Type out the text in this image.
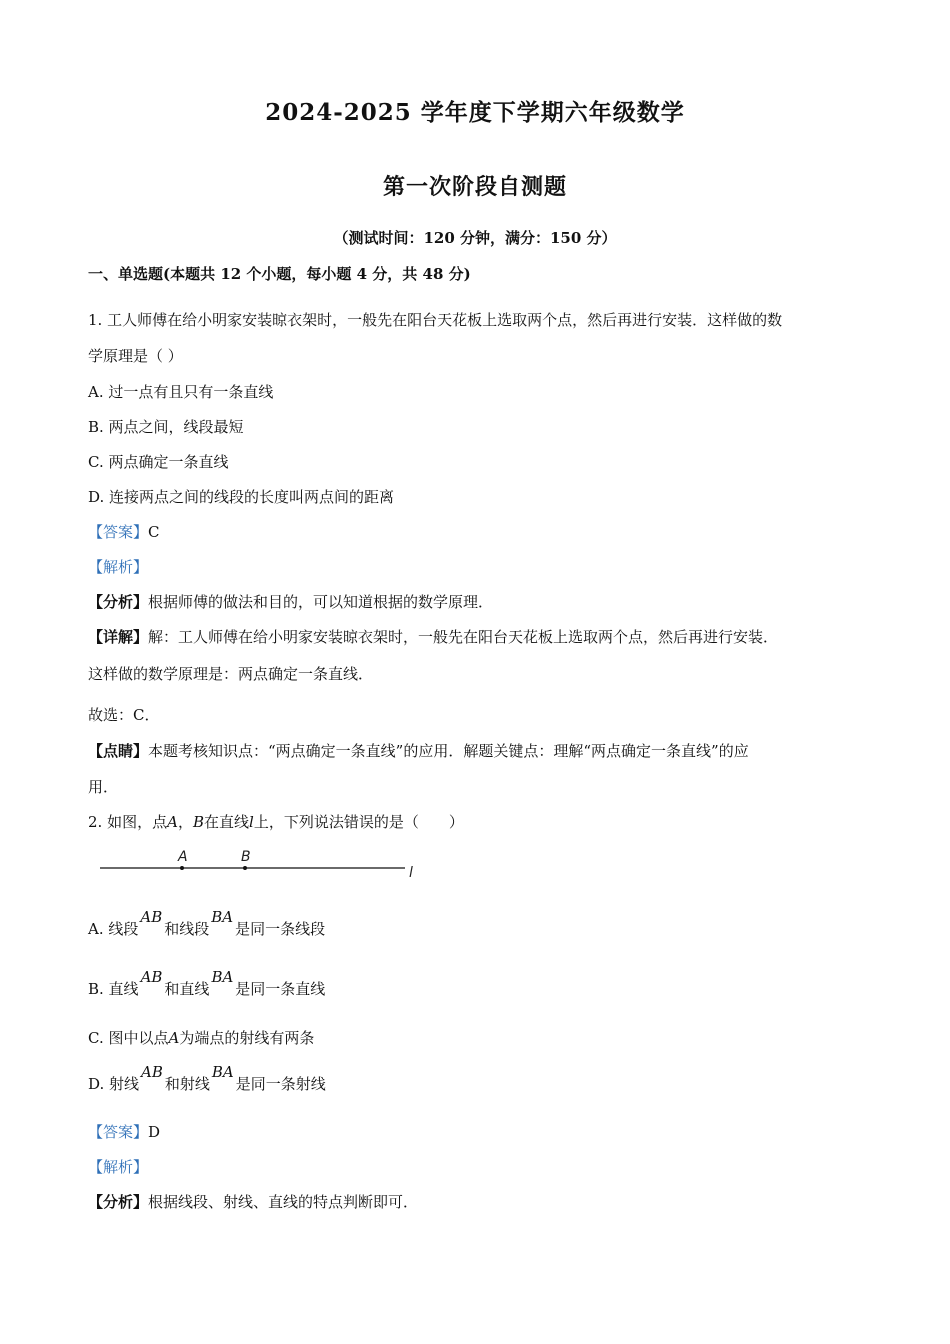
2024-2025 学年度下学期六年级数学
第一次阶段自测题
（测试时间：120 分钟，满分：150 分）
一、单选题(本题共 12 个小题，每小题 4 分，共 48 分)
1. 工人师傅在给小明家安装晾衣架时，一般先在阳台天花板上选取两个点，然后再进行安装．这样做的数
学原理是（ ）
A. 过一点有且只有一条直线
B. 两点之间，线段最短
C. 两点确定一条直线
D. 连接两点之间的线段的长度叫两点间的距离
【答案】C
【解析】
【分析】根据师傅的做法和目的，可以知道根据的数学原理．
【详解】解：工人师傅在给小明家安装晾衣架时，一般先在阳台天花板上选取两个点，然后再进行安装．
这样做的数学原理是：两点确定一条直线．
故选：C．
【点睛】本题考核知识点：“两点确定一条直线”的应用．解题关键点：理解“两点确定一条直线”的应
用．
2. 如图，点A，B在直线l上，下列说法错误的是（　　）
A	B
l
A. 线段AB和线段BA是同一条线段
B. 直线AB和直线BA是同一条直线
C. 图中以点A为端点的射线有两条
D. 射线AB和射线BA是同一条射线
【答案】D
【解析】
【分析】根据线段、射线、直线的特点判断即可．
